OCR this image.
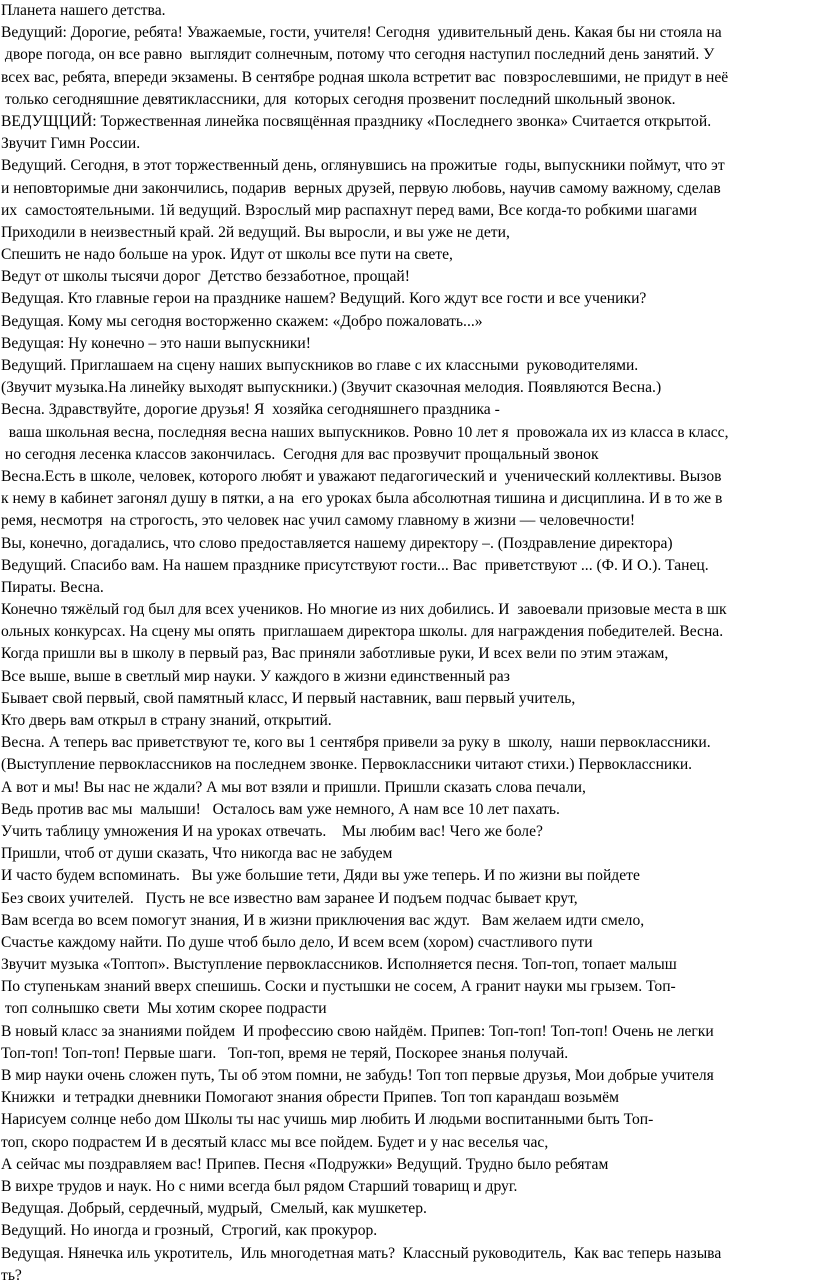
Планета нашего детства.
Ведущий: Дорогие, ребята! Уважаемые, гости, учителя! Сегодня  удивительный день. Какая бы ни стояла на
дворе погода, он все равно  выглядит солнечным, потому что сегодня наступил последний день занятий. У
всех вас, ребята, впереди экзамены. В сентябре родная школа встретит вас  повзрослевшими, не придут в неё
только сегодняшние девятиклассники, для  которых сегодня прозвенит последний школьный звонок.
ВЕДУЩЦИЙ: Торжественная линейка посвящённая празднику «Последнего звонка» Считается открытой.
Звучит Гимн России.
Ведущий. Сегодня, в этот торжественный день, оглянувшись на прожитые  годы, выпускники поймут, что эт
и неповторимые дни закончились, подарив  верных друзей, первую любовь, научив самому важному, сделав
их  самостоятельными. 1й ведущий. Взрослый мир распахнут перед вами, Все когда-то робкими шагами
Приходили в неизвестный край. 2й ведущий. Вы выросли, и вы уже не дети,
Спешить не надо больше на урок. Идут от школы все пути на свете,
Ведут от школы тысячи дорог  Детство беззаботное, прощай!
Ведущая. Кто главные герои на празднике нашем? Ведущий. Кого ждут все гости и все ученики?
Ведущая. Кому мы сегодня восторженно скажем: «Добро пожаловать...»
Ведущая: Ну конечно – это наши выпускники!
Ведущий. Приглашаем на сцену наших выпускников во главе с их классными  руководителями.
(Звучит музыка.На линейку выходят выпускники.) (Звучит сказочная мелодия. Появляются Весна.)
Весна. Здравствуйте, дорогие друзья! Я  хозяйка сегодняшнего праздника -
ваша школьная весна, последняя весна наших выпускников. Ровно 10 лет я  провожала их из класса в класс,
но сегодня лесенка классов закончилась.  Сегодня для вас прозвучит прощальный звонок
Весна.Есть в школе, человек, которого любят и уважают педагогический и  ученический коллективы. Вызов
к нему в кабинет загонял душу в пятки, а на  его уроках была абсолютная тишина и дисциплина. И в то же в
ремя, несмотря  на строгость, это человек нас учил самому главному в жизни — человечности!
Вы, конечно, догадались, что слово предоставляется нашему директору –. (Поздравление директора)
Ведущий. Спасибо вам. На нашем празднике присутствуют гости... Вас  приветствуют ... (Ф. И О.). Танец.
Пираты. Весна.
Конечно тяжёлый год был для всех учеников. Но многие из них добились. И  завоевали призовые места в шк
ольных конкурсах. На сцену мы опять  приглашаем директора школы. для награждения победителей. Весна.
Когда пришли вы в школу в первый раз, Вас приняли заботливые руки, И всех вели по этим этажам,
Все выше, выше в светлый мир науки. У каждого в жизни единственный раз
Бывает свой первый, свой памятный класс, И первый наставник, ваш первый учитель,
Кто дверь вам открыл в страну знаний, открытий.
Весна. А теперь вас приветствуют те, кого вы 1 сентября привели за руку в  школу,  наши первоклассники.
(Выступление первоклассников на последнем звонке. Первоклассники читают стихи.) Первоклассники.
А вот и мы! Вы нас не ждали? А мы вот взяли и пришли. Пришли сказать слова печали,
Ведь против вас мы  малыши!   Осталось вам уже немного, А нам все 10 лет пахать.
Учить таблицу умножения И на уроках отвечать.    Мы любим вас! Чего же боле?
Пришли, чтоб от души сказать, Что никогда вас не забудем
И часто будем вспоминать.   Вы уже большие тети, Дяди вы уже теперь. И по жизни вы пойдете
Без своих учителей.   Пусть не все известно вам заранее И подъем подчас бывает крут,
Вам всегда во всем помогут знания, И в жизни приключения вас ждут.   Вам желаем идти смело,
Счастье каждому найти. По душе чтоб было дело, И всем всем (хором) счастливого пути
Звучит музыка «Топтоп». Выступление первоклассников. Исполняется песня. Топ-топ, топает малыш
По ступенькам знаний вверх спешишь. Соски и пустышки не сосем, А гранит науки мы грызем. Топ-
топ солнышко свети  Мы хотим скорее подрасти
В новый класс за знаниями пойдем  И профессию свою найдём. Припев: Топ-топ! Топ-топ! Очень не легки
Топ-топ! Топ-топ! Первые шаги.   Топ-топ, время не теряй, Поскорее знанья получай.
В мир науки очень сложен путь, Ты об этом помни, не забудь! Топ топ первые друзья, Мои добрые учителя
Книжки  и тетрадки дневники Помогают знания обрести Припев. Топ топ карандаш возьмём
Нарисуем солнце небо дом Школы ты нас учишь мир любить И людьми воспитанными быть Топ-
топ, скоро подрастем И в десятый класс мы все пойдем. Будет и у нас веселья час,
А сейчас мы поздравляем вас! Припев. Песня «Подружки» Ведущий. Трудно было ребятам
В вихре трудов и наук. Но с ними всегда был рядом Старший товарищ и друг.
Ведущая. Добрый, сердечный, мудрый,  Смелый, как мушкетер.
Ведущий. Но иногда и грозный,  Строгий, как прокурор.
Ведущая. Нянечка иль укротитель,  Иль многодетная мать?  Классный руководитель,  Как вас теперь называ
ть?
